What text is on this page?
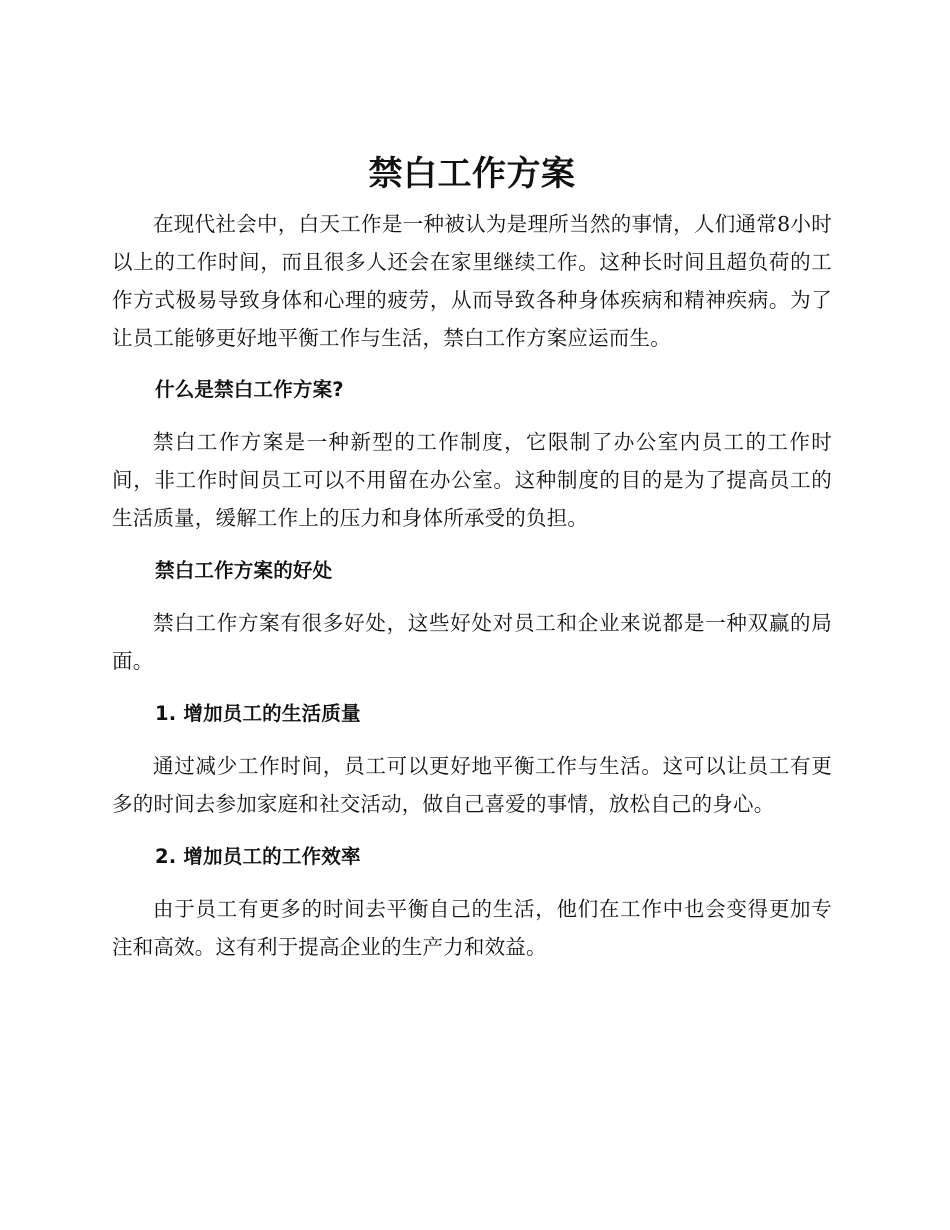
禁白工作方案

在现代社会中，白天工作是一种被认为是理所当然的事情，人们通常8小时以上的工作时间，而且很多人还会在家里继续工作。这种长时间且超负荷的工作方式极易导致身体和心理的疲劳，从而导致各种身体疾病和精神疾病。为了让员工能够更好地平衡工作与生活，禁白工作方案应运而生。

什么是禁白工作方案?

禁白工作方案是一种新型的工作制度，它限制了办公室内员工的工作时间，非工作时间员工可以不用留在办公室。这种制度的目的是为了提高员工的生活质量，缓解工作上的压力和身体所承受的负担。

禁白工作方案的好处

禁白工作方案有很多好处，这些好处对员工和企业来说都是一种双赢的局面。

1. 增加员工的生活质量

通过减少工作时间，员工可以更好地平衡工作与生活。这可以让员工有更多的时间去参加家庭和社交活动，做自己喜爱的事情，放松自己的身心。

2. 增加员工的工作效率

由于员工有更多的时间去平衡自己的生活，他们在工作中也会变得更加专注和高效。这有利于提高企业的生产力和效益。
